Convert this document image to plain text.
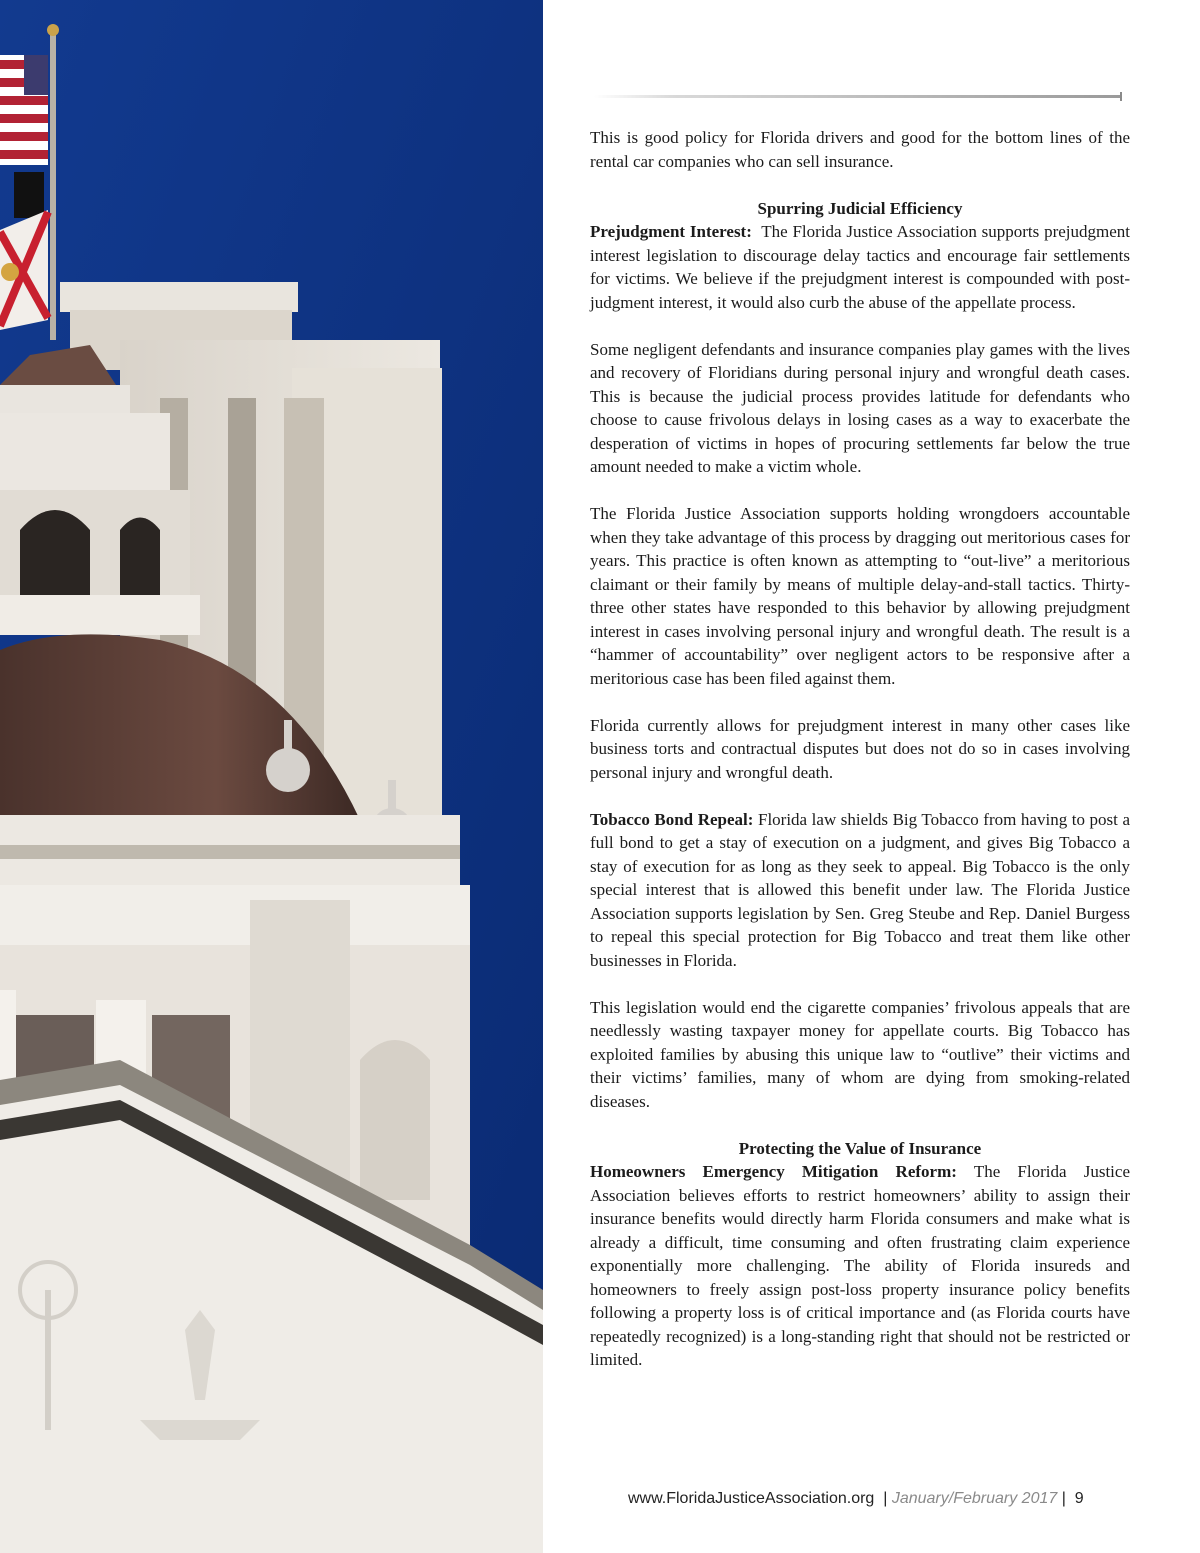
This is good policy for Florida drivers and good for the bottom lines of the rental car companies who can sell insurance.

Spurring Judicial Efficiency

Prejudgment Interest: The Florida Justice Association supports prejudgment interest legislation to discourage delay tactics and encourage fair settlements for victims. We believe if the prejudgment interest is compounded with post-judgment interest, it would also curb the abuse of the appellate process.

Some negligent defendants and insurance companies play games with the lives and recovery of Floridians during personal injury and wrongful death cases. This is because the judicial process provides latitude for defendants who choose to cause frivolous delays in losing cases as a way to exacerbate the desperation of victims in hopes of procuring settlements far below the true amount needed to make a victim whole.

The Florida Justice Association supports holding wrongdoers accountable when they take advantage of this process by dragging out meritorious cases for years. This practice is often known as attempting to “out-live” a meritorious claimant or their family by means of multiple delay-and-stall tactics. Thirty-three other states have responded to this behavior by allowing prejudgment interest in cases involving personal injury and wrongful death. The result is a “hammer of accountability” over negligent actors to be responsive after a meritorious case has been filed against them.

Florida currently allows for prejudgment interest in many other cases like business torts and contractual disputes but does not do so in cases involving personal injury and wrongful death.

Tobacco Bond Repeal: Florida law shields Big Tobacco from having to post a full bond to get a stay of execution on a judgment, and gives Big Tobacco a stay of execution for as long as they seek to appeal. Big Tobacco is the only special interest that is allowed this benefit under law. The Florida Justice Association supports legislation by Sen. Greg Steube and Rep. Daniel Burgess to repeal this special protection for Big Tobacco and treat them like other businesses in Florida.

This legislation would end the cigarette companies’ frivolous appeals that are needlessly wasting taxpayer money for appellate courts. Big Tobacco has exploited families by abusing this unique law to “outlive” their victims and their victims’ families, many of whom are dying from smoking-related diseases.

Protecting the Value of Insurance

Homeowners Emergency Mitigation Reform: The Florida Justice Association believes efforts to restrict homeowners’ ability to assign their insurance benefits would directly harm Florida consumers and make what is already a difficult, time consuming and often frustrating claim experience exponentially more challenging. The ability of Florida insureds and homeowners to freely assign post-loss property insurance policy benefits following a property loss is of critical importance and (as Florida courts have repeatedly recognized) is a long-standing right that should not be restricted or limited.

www.FloridaJusticeAssociation.org | January/February 2017 | 9
